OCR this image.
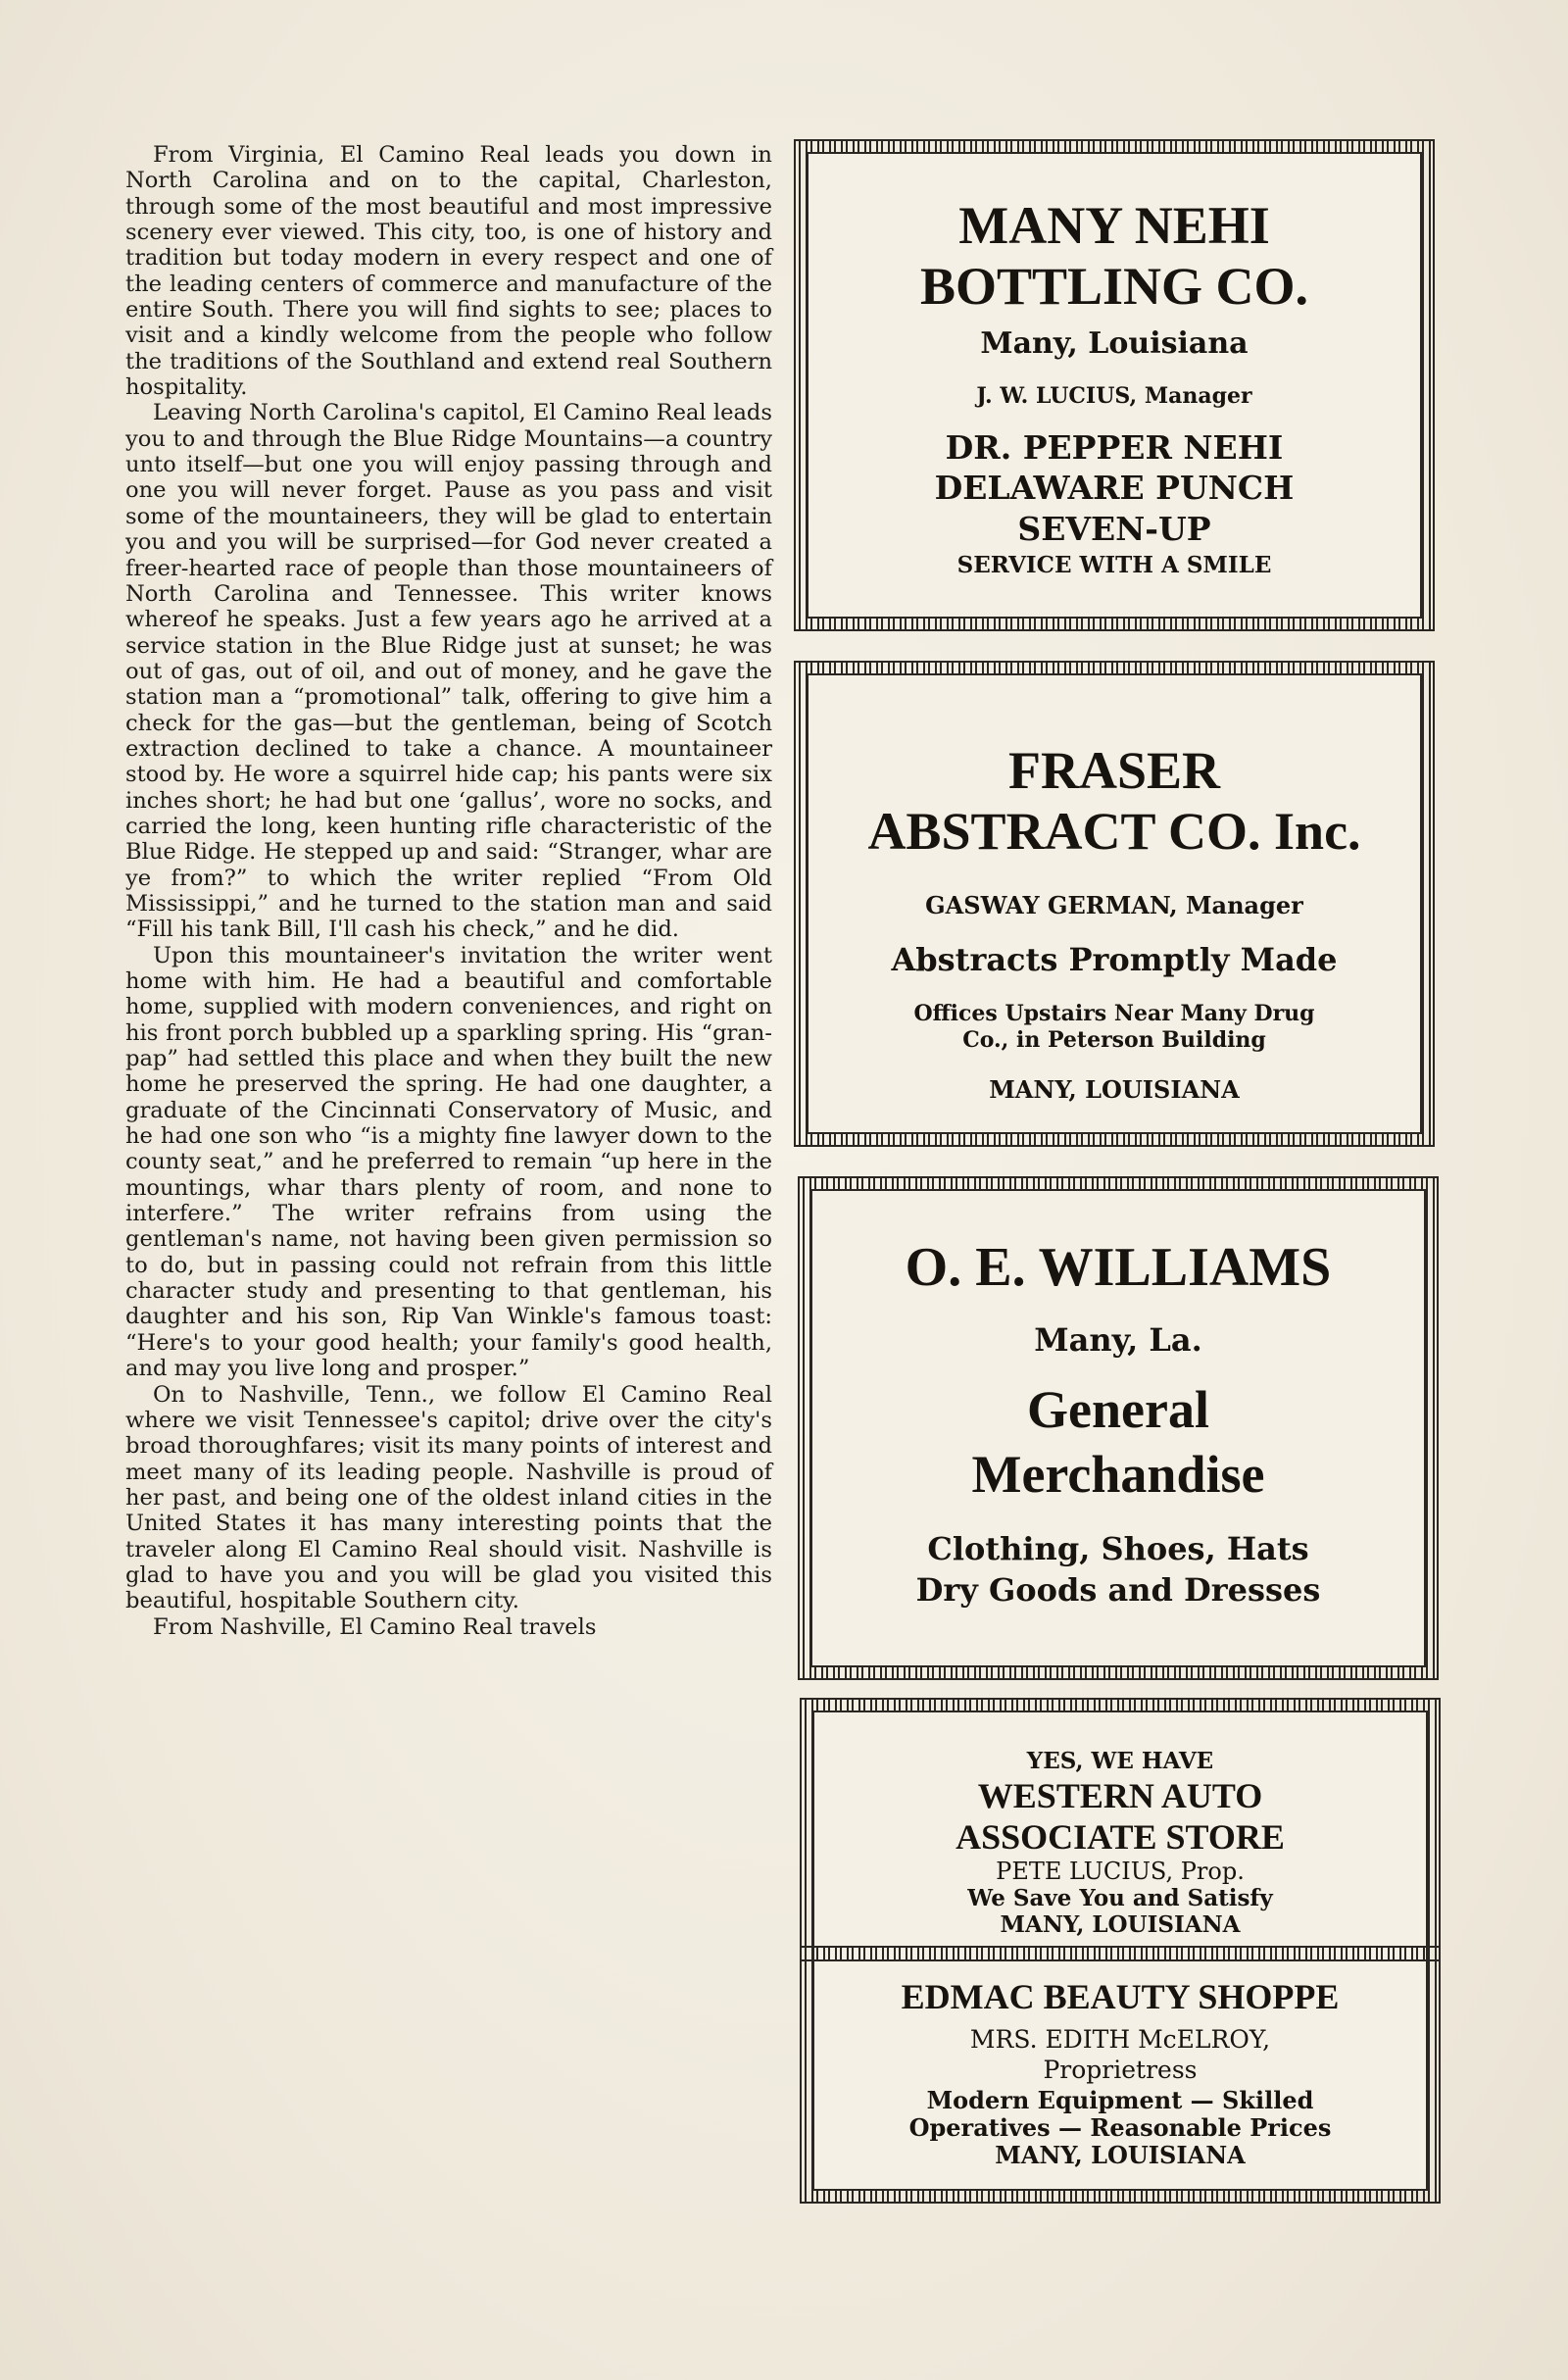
From Virginia, El Camino Real leads you down in North Carolina and on to the capital, Charleston, through some of the most beautiful and most impressive scenery ever viewed. This city, too, is one of history and tradition but today modern in every respect and one of the leading centers of commerce and manufacture of the entire South. There you will find sights to see; places to visit and a kindly welcome from the people who follow the traditions of the Southland and extend real Southern hospitality.

Leaving North Carolina's capitol, El Camino Real leads you to and through the Blue Ridge Mountains—a country unto itself—but one you will enjoy passing through and one you will never forget. Pause as you pass and visit some of the mountaineers, they will be glad to entertain you and you will be surprised—for God never created a freer-hearted race of people than those mountaineers of North Carolina and Tennessee. This writer knows whereof he speaks. Just a few years ago he arrived at a service station in the Blue Ridge just at sunset; he was out of gas, out of oil, and out of money, and he gave the station man a “promotional” talk, offering to give him a check for the gas—but the gentleman, being of Scotch extraction declined to take a chance. A mountaineer stood by. He wore a squirrel hide cap; his pants were six inches short; he had but one ‘gallus’, wore no socks, and carried the long, keen hunting rifle characteristic of the Blue Ridge. He stepped up and said: “Stranger, whar are ye from?” to which the writer replied “From Old Mississippi,” and he turned to the station man and said “Fill his tank Bill, I'll cash his check,” and he did.

Upon this mountaineer's invitation the writer went home with him. He had a beautiful and comfortable home, supplied with modern conveniences, and right on his front porch bubbled up a sparkling spring. His “gran-pap” had settled this place and when they built the new home he preserved the spring. He had one daughter, a graduate of the Cincinnati Conservatory of Music, and he had one son who “is a mighty fine lawyer down to the county seat,” and he preferred to remain “up here in the mountings, whar thars plenty of room, and none to interfere.” The writer refrains from using the gentleman's name, not having been given permission so to do, but in passing could not refrain from this little character study and presenting to that gentleman, his daughter and his son, Rip Van Winkle's famous toast: “Here's to your good health; your family's good health, and may you live long and prosper.”

On to Nashville, Tenn., we follow El Camino Real where we visit Tennessee's capitol; drive over the city's broad thoroughfares; visit its many points of interest and meet many of its leading people. Nashville is proud of her past, and being one of the oldest inland cities in the United States it has many interesting points that the traveler along El Camino Real should visit. Nashville is glad to have you and you will be glad you visited this beautiful, hospitable Southern city.

From Nashville, El Camino Real travels

MANY NEHI
BOTTLING CO.
Many, Louisiana
J. W. LUCIUS, Manager
DR. PEPPER NEHI
DELAWARE PUNCH
SEVEN-UP
SERVICE WITH A SMILE
FRASER
ABSTRACT CO. Inc.
GASWAY GERMAN, Manager
Abstracts Promptly Made
Offices Upstairs Near Many Drug
Co., in Peterson Building
MANY, LOUISIANA
O. E. WILLIAMS
Many, La.
General
Merchandise
Clothing, Shoes, Hats
Dry Goods and Dresses
YES, WE HAVE
WESTERN AUTO
ASSOCIATE STORE
PETE LUCIUS, Prop.
We Save You and Satisfy
MANY, LOUISIANA
EDMAC BEAUTY SHOPPE
MRS. EDITH McELROY,
Proprietress
Modern Equipment — Skilled
Operatives — Reasonable Prices
MANY, LOUISIANA
